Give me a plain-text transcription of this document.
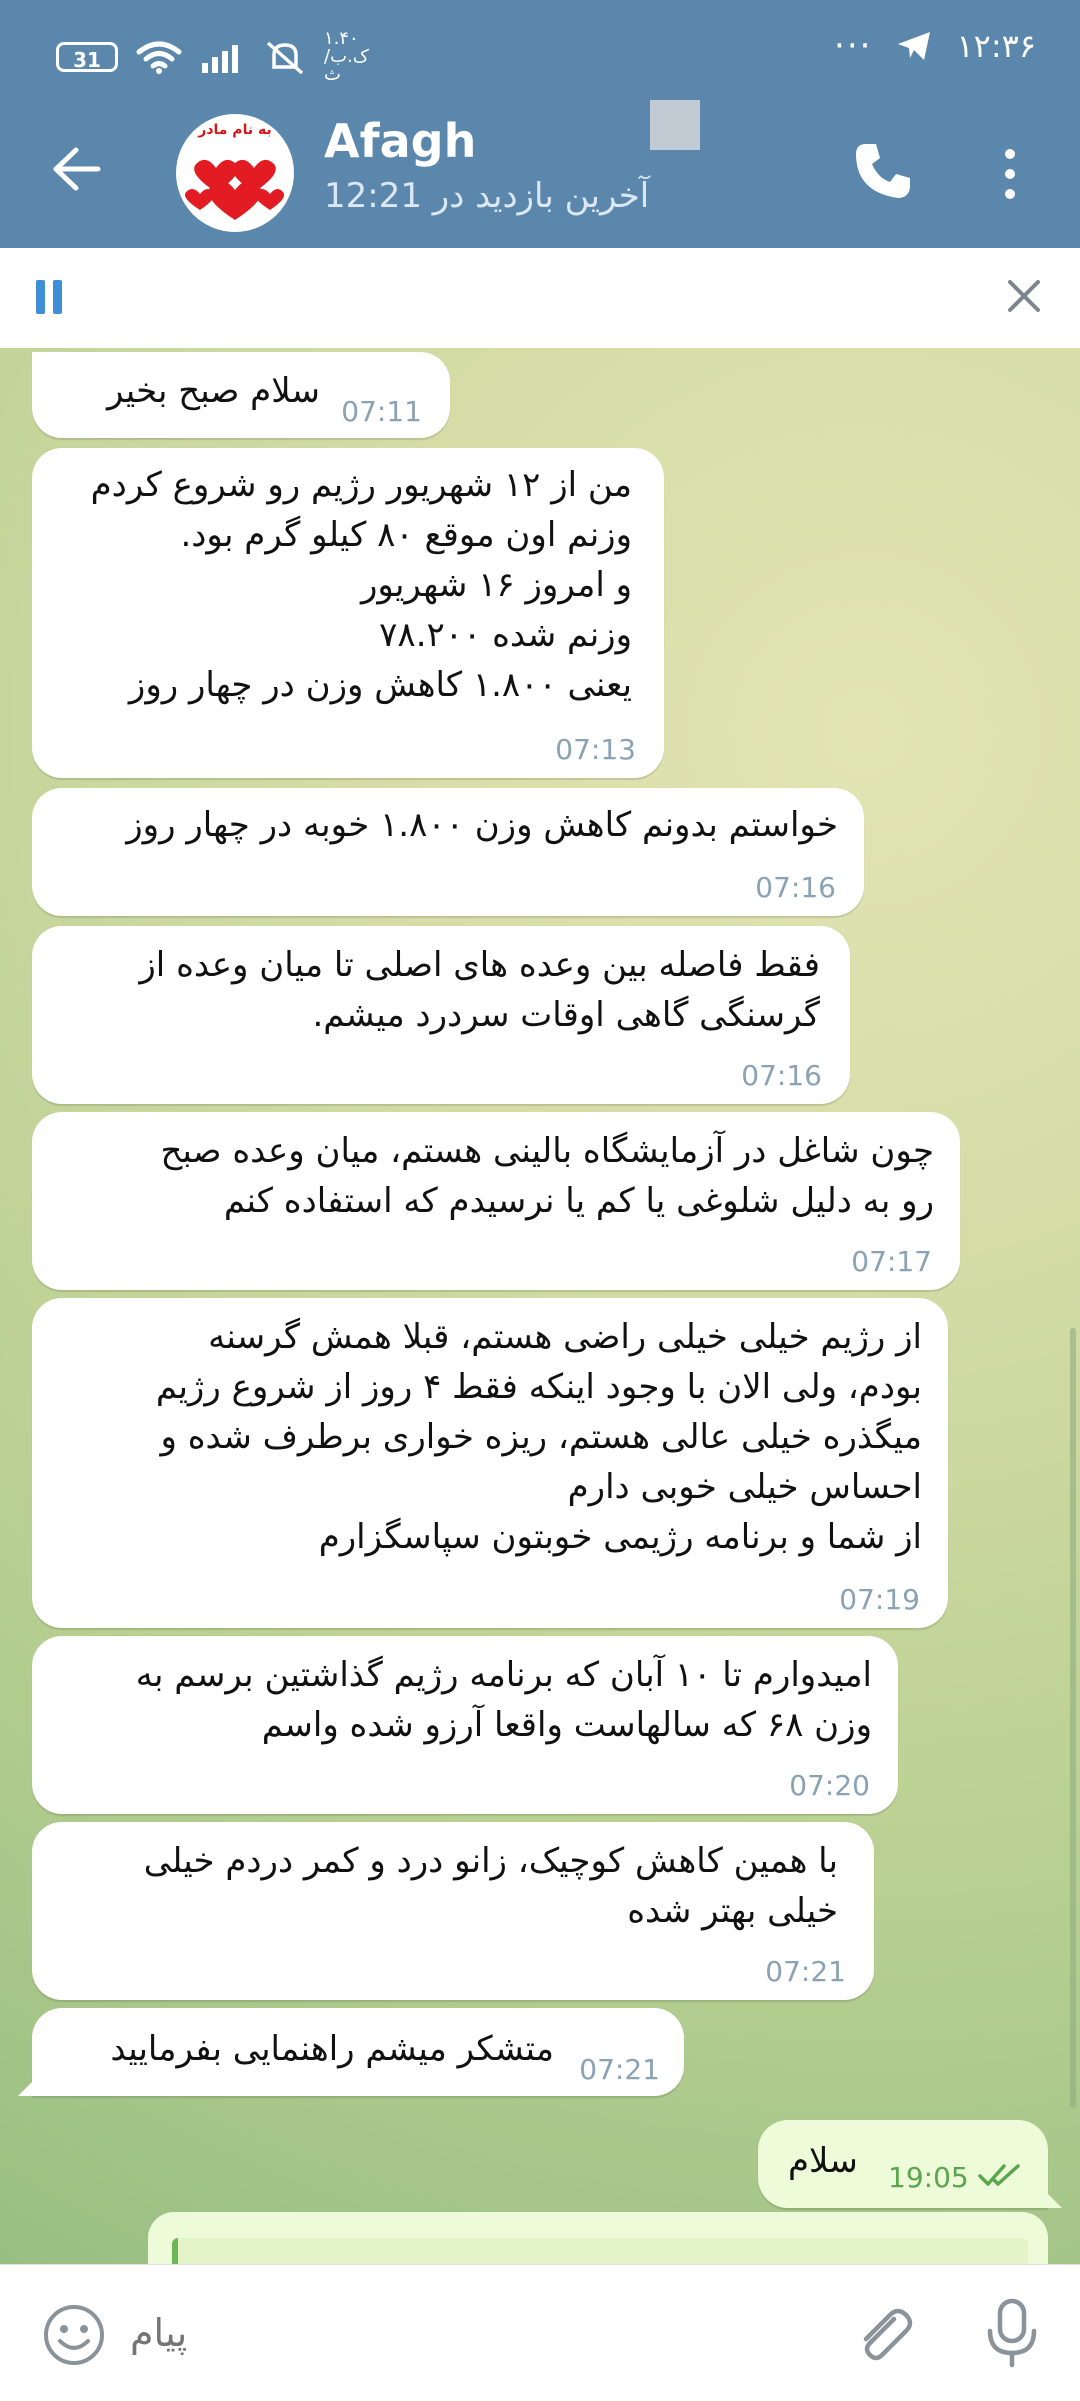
31
۱.۴۰
ک.ب/ث
···	۱۲:۳۶
به نام مادر	Afagh
آخرین بازدید در 12:21
سلام صبح بخیر
07:11
من از ۱۲ شهریور رژیم رو شروع کردم
وزنم اون موقع ۸۰ کیلو گرم بود.
و امروز ۱۶ شهریور
وزنم شده ۷۸.۲۰۰
یعنی ۱.۸۰۰ کاهش وزن در چهار روز
07:13
خواستم بدونم کاهش وزن ۱.۸۰۰ خوبه در چهار روز
07:16
فقط فاصله بین وعده های اصلی تا میان وعده از
گرسنگی گاهی اوقات سردرد میشم.
07:16
چون شاغل در آزمایشگاه بالینی هستم، میان وعده صبح
رو به دلیل شلوغی یا کم یا نرسیدم که استفاده کنم
07:17
از رژیم خیلی خیلی راضی هستم، قبلا همش گرسنه
بودم، ولی الان با وجود اینکه فقط ۴ روز از شروع رژیم
میگذره خیلی عالی هستم، ریزه خواری برطرف شده و
احساس خیلی خوبی دارم
از شما و برنامه رژیمی خوبتون سپاسگزارم
07:19
امیدوارم تا ۱۰ آبان که برنامه رژیم گذاشتین برسم به
وزن ۶۸ که سالهاست واقعا آرزو شده واسم
07:20
با همین کاهش کوچیک، زانو درد و کمر دردم خیلی
خیلی بهتر شده
07:21
متشکر میشم راهنمایی بفرمایید
07:21
سلام 19:05
پیام
